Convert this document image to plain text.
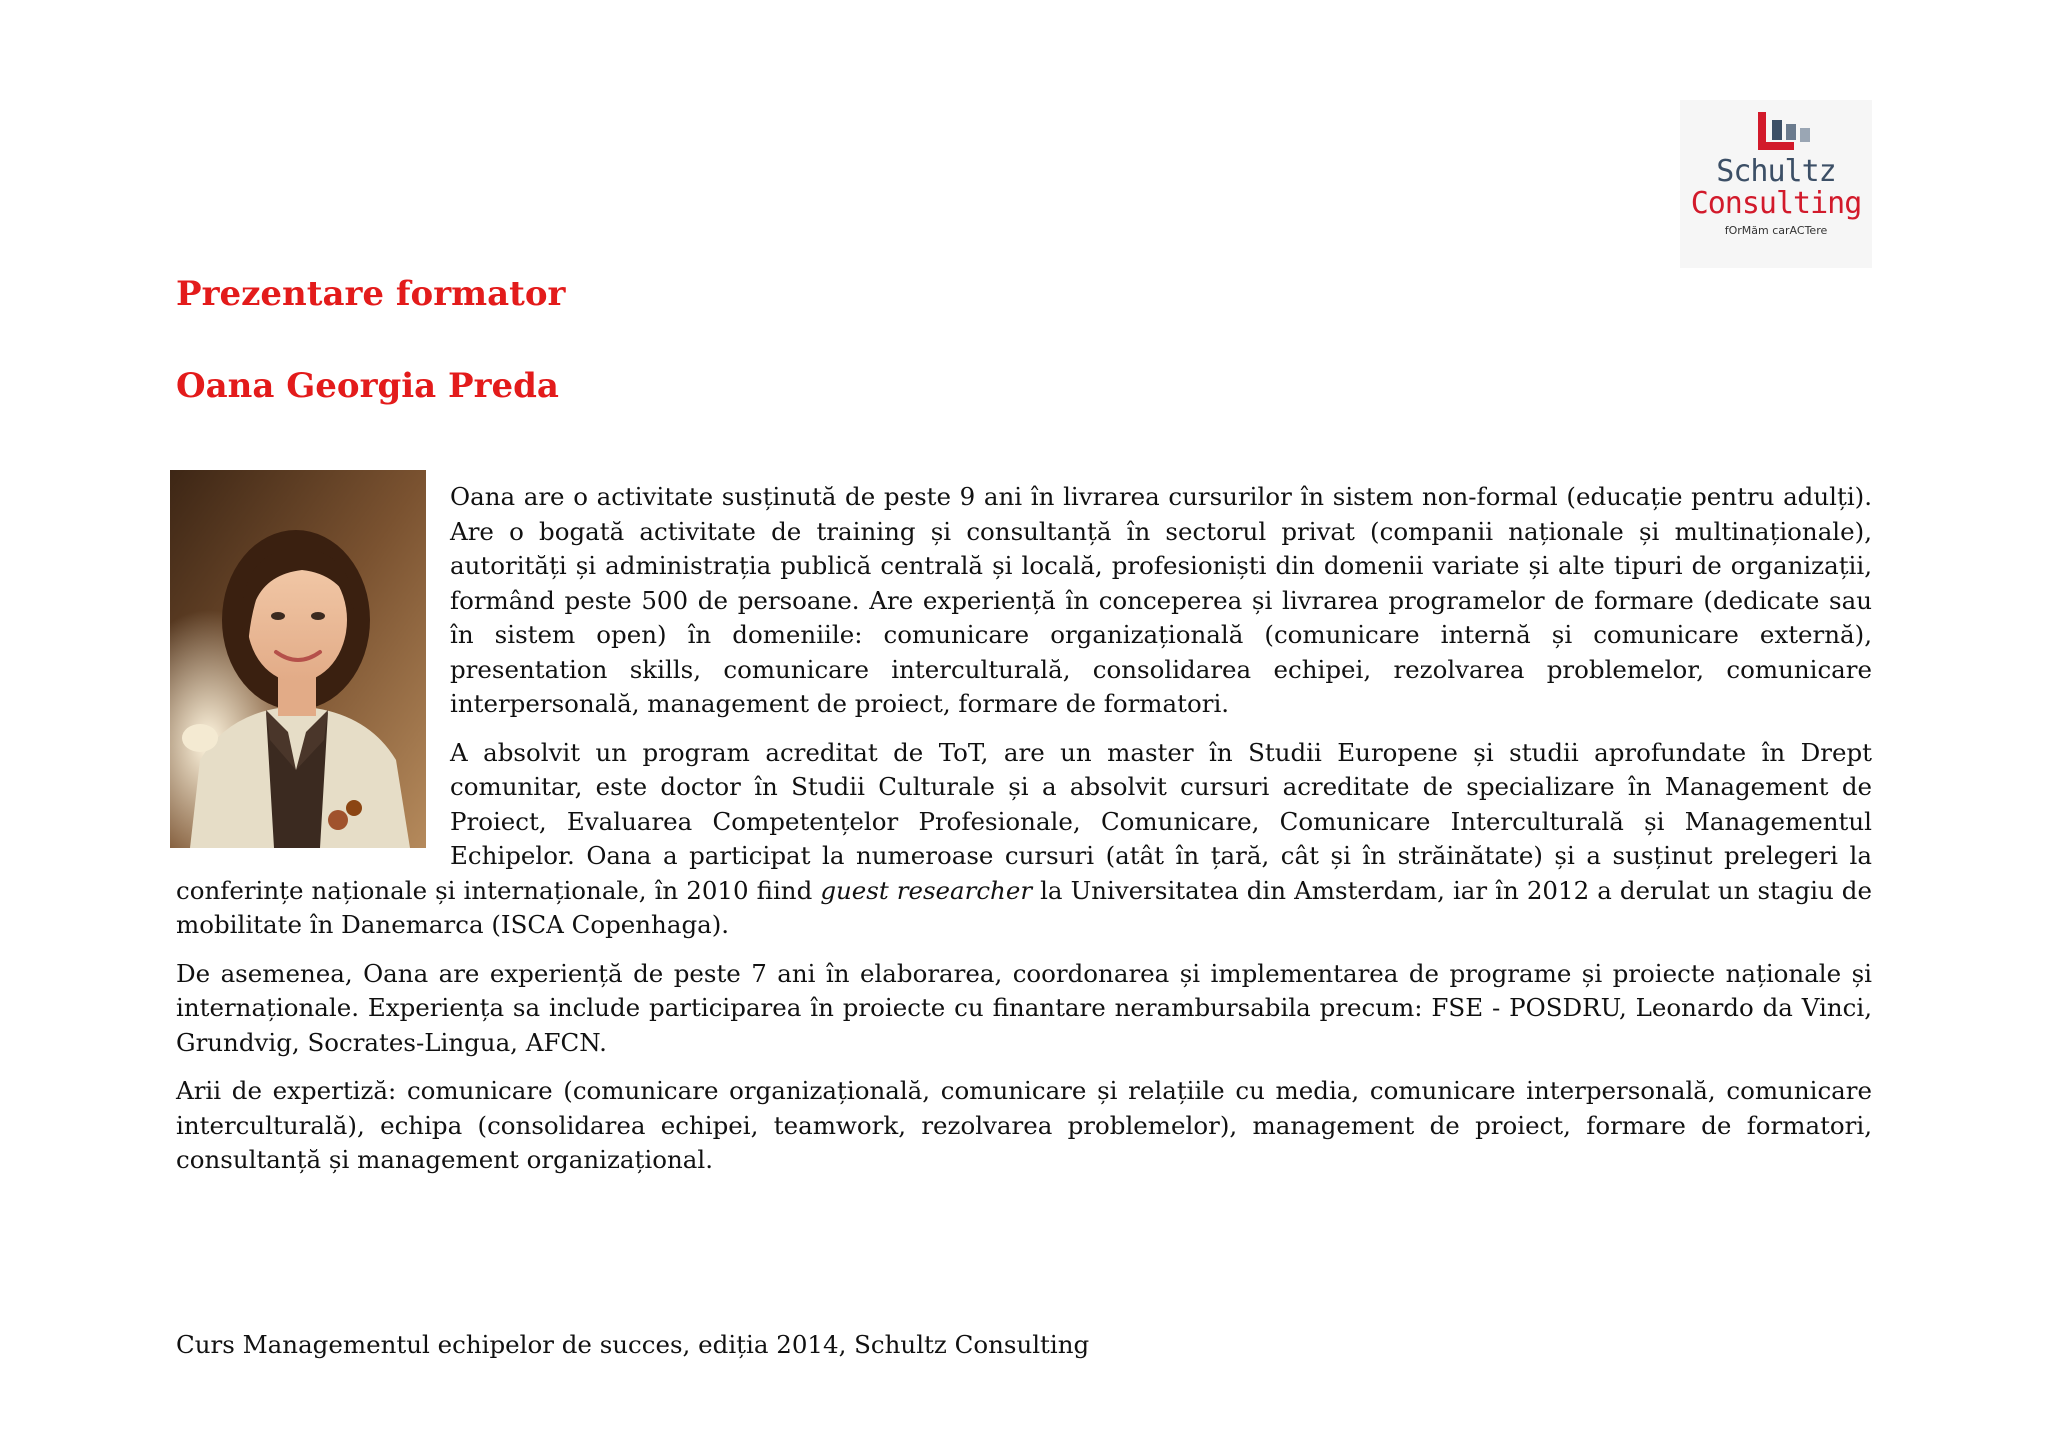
Schultz
Consulting
fOrMăm carACTere
Prezentare formator
Oana Georgia Preda

Oana are o activitate susținută de peste 9 ani în livrarea cursurilor în sistem non-formal (educație pentru adulți). Are o bogată activitate de training și consultanță în sectorul privat (companii naționale și multinaționale), autorități și administrația publică centrală și locală, profesioniști din domenii variate și alte tipuri de organizații, formând peste 500 de persoane. Are experiență în conceperea și livrarea programelor de formare (dedicate sau în sistem open) în domeniile: comunicare organizațională (comunicare internă și comunicare externă), presentation skills, comunicare interculturală, consolidarea echipei, rezolvarea problemelor, comunicare interpersonală, management de proiect, formare de formatori.

A absolvit un program acreditat de ToT, are un master în Studii Europene și studii aprofundate în Drept comunitar, este doctor în Studii Culturale și a absolvit cursuri acreditate de specializare în Management de Proiect, Evaluarea Competențelor Profesionale, Comunicare, Comunicare Interculturală și Managementul Echipelor. Oana a participat la numeroase cursuri (atât în țară, cât și în străinătate) și a susținut prelegeri la conferințe naționale și internaționale, în 2010 fiind guest researcher la Universitatea din Amsterdam, iar în 2012 a derulat un stagiu de mobilitate în Danemarca (ISCA Copenhaga).

De asemenea, Oana are experiență de peste 7 ani în elaborarea, coordonarea și implementarea de programe și proiecte naționale și internaționale. Experiența sa include participarea în proiecte cu finantare nerambursabila precum: FSE - POSDRU, Leonardo da Vinci, Grundvig, Socrates-Lingua, AFCN.

Arii de expertiză: comunicare (comunicare organizațională, comunicare și relațiile cu media, comunicare interpersonală, comunicare interculturală), echipa (consolidarea echipei, teamwork, rezolvarea problemelor), management de proiect, formare de formatori, consultanță și management organizațional.

Curs Managementul echipelor de succes, ediția 2014, Schultz Consulting
